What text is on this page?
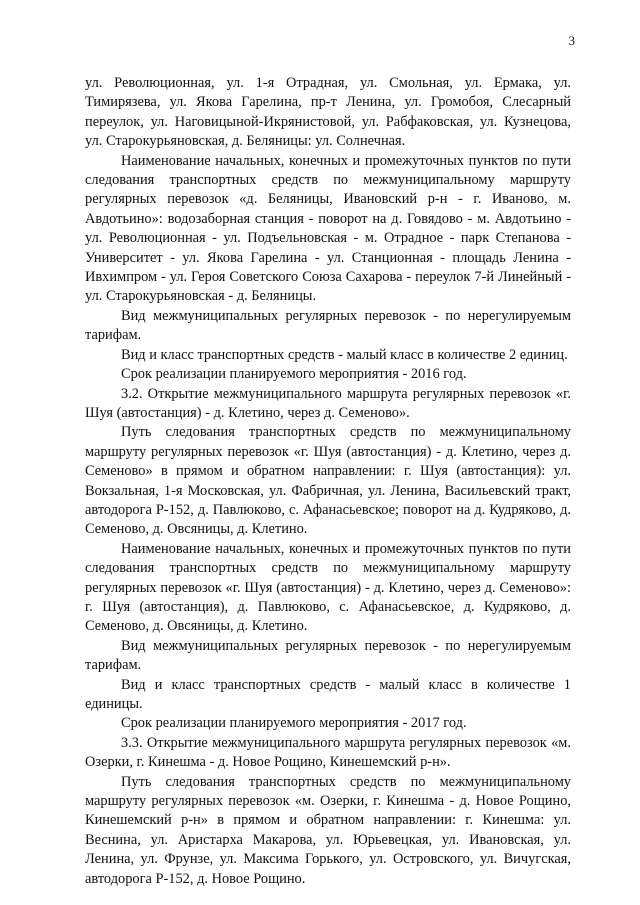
3

ул. Революционная, ул. 1-я Отрадная, ул. Смольная, ул. Ермака, ул. Тимирязева, ул. Якова Гарелина, пр-т Ленина, ул. Громобоя, Слесарный переулок, ул. Наговицыной-Икрянистовой, ул. Рабфаковская, ул. Кузнецова, ул. Старокурьяновская, д. Беляницы: ул. Солнечная.

Наименование начальных, конечных и промежуточных пунктов по пути следования транспортных средств по межмуниципальному маршруту регулярных перевозок «д. Беляницы, Ивановский р-н - г. Иваново, м. Авдотьино»: водозаборная станция - поворот на д. Говядово - м. Авдотьино - ул. Революционная - ул. Подъельновская - м. Отрадное - парк Степанова - Университет - ул. Якова Гарелина - ул. Станционная - площадь Ленина - Ивхимпром - ул. Героя Советского Союза Сахарова - переулок 7-й Линейный - ул. Старокурьяновская - д. Беляницы.

Вид межмуниципальных регулярных перевозок - по нерегулируемым тарифам.

Вид и класс транспортных средств - малый класс в количестве 2 единиц.

Срок реализации планируемого мероприятия - 2016 год.

3.2. Открытие межмуниципального маршрута регулярных перевозок «г. Шуя (автостанция) - д. Клетино, через д. Семеново».

Путь следования транспортных средств по межмуниципальному маршруту регулярных перевозок «г. Шуя (автостанция) - д. Клетино, через д. Семеново» в прямом и обратном направлении: г. Шуя (автостанция): ул. Вокзальная, 1-я Московская, ул. Фабричная, ул. Ленина, Васильевский тракт, автодорога Р-152, д. Павлюково, с. Афанасьевское; поворот на д. Кудряково, д. Семеново, д. Овсяницы, д. Клетино.

Наименование начальных, конечных и промежуточных пунктов по пути следования транспортных средств по межмуниципальному маршруту регулярных перевозок «г. Шуя (автостанция) - д. Клетино, через д. Семеново»: г. Шуя (автостанция), д. Павлюково, с. Афанасьевское, д. Кудряково, д. Семеново, д. Овсяницы, д. Клетино.

Вид межмуниципальных регулярных перевозок - по нерегулируемым тарифам.

Вид и класс транспортных средств - малый класс в количестве 1 единицы.

Срок реализации планируемого мероприятия - 2017 год.

3.3. Открытие межмуниципального маршрута регулярных перевозок «м. Озерки, г. Кинешма - д. Новое Рощино, Кинешемский р-н».

Путь следования транспортных средств по межмуниципальному маршруту регулярных перевозок «м. Озерки, г. Кинешма - д. Новое Рощино, Кинешемский р-н» в прямом и обратном направлении: г. Кинешма: ул. Веснина, ул. Аристарха Макарова, ул. Юрьевецкая, ул. Ивановская, ул. Ленина, ул. Фрунзе, ул. Максима Горького, ул. Островского, ул. Вичугская, автодорога Р-152, д. Новое Рощино.
